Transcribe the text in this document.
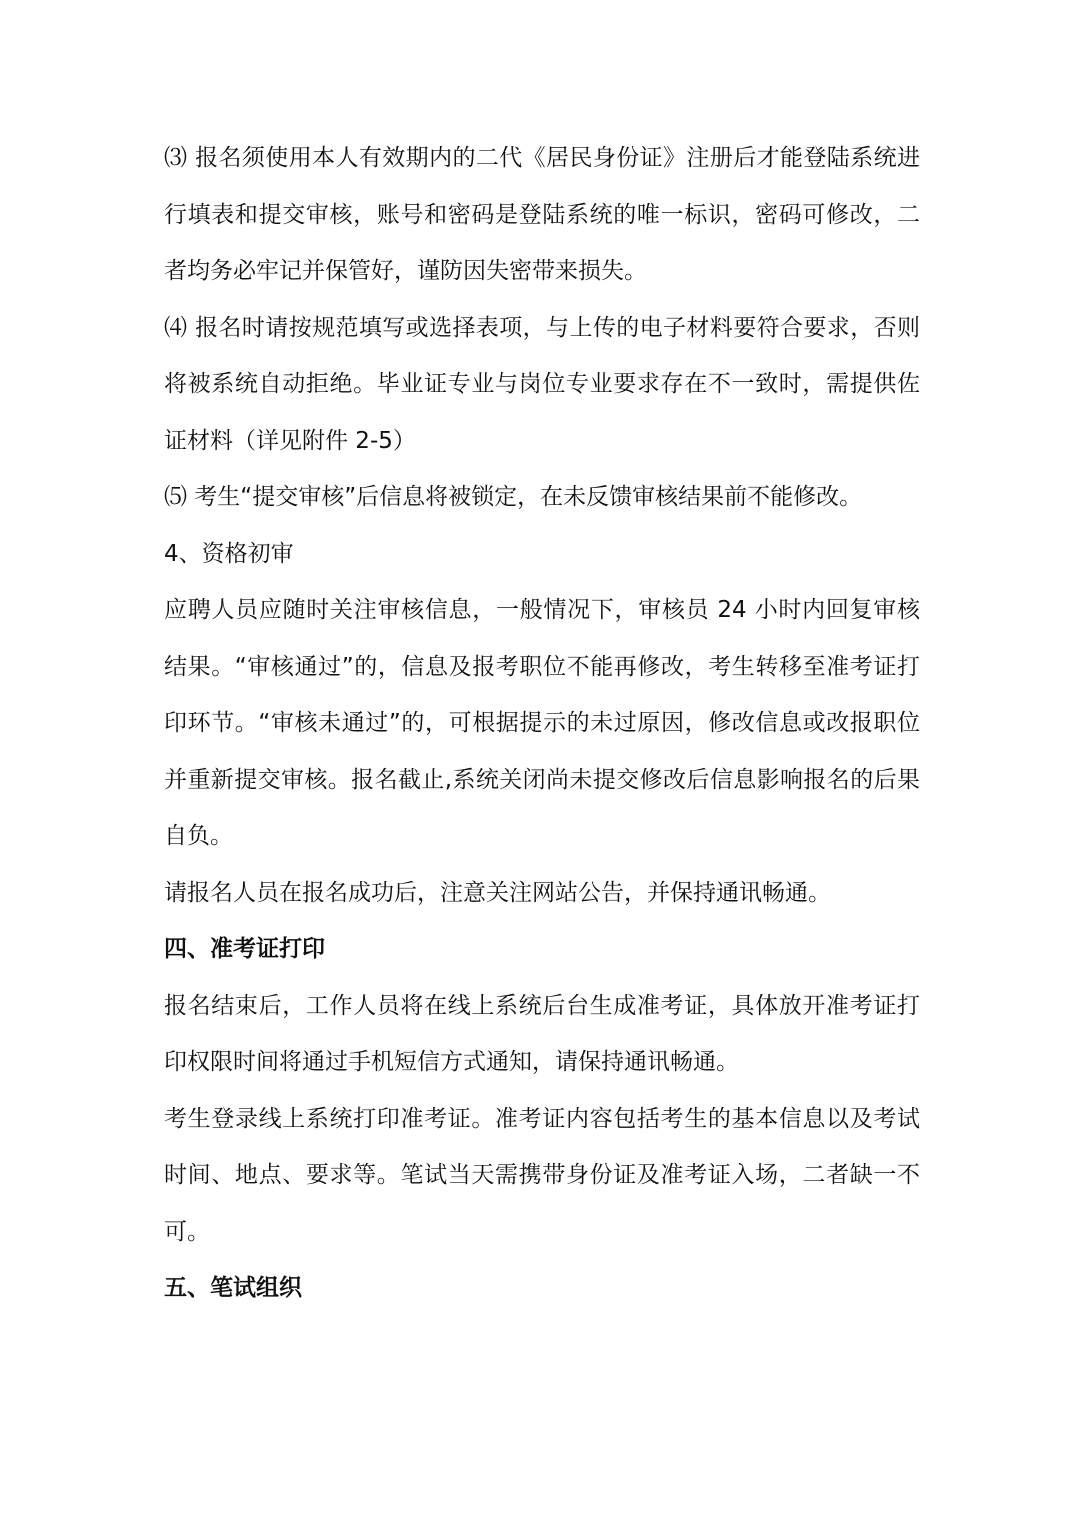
⑶ 报名须使用本人有效期内的二代《居民身份证》注册后才能登陆系统进行填表和提交审核，账号和密码是登陆系统的唯一标识，密码可修改，二者均务必牢记并保管好，谨防因失密带来损失。

⑷ 报名时请按规范填写或选择表项，与上传的电子材料要符合要求，否则将被系统自动拒绝。毕业证专业与岗位专业要求存在不一致时，需提供佐证材料（详见附件 2-5）

⑸ 考生“提交审核”后信息将被锁定，在未反馈审核结果前不能修改。

4、资格初审

应聘人员应随时关注审核信息，一般情况下，审核员 24 小时内回复审核结果。“审核通过”的，信息及报考职位不能再修改，考生转移至准考证打印环节。“审核未通过”的，可根据提示的未过原因，修改信息或改报职位并重新提交审核。报名截止,系统关闭尚未提交修改后信息影响报名的后果自负。

请报名人员在报名成功后，注意关注网站公告，并保持通讯畅通。

四、准考证打印

报名结束后，工作人员将在线上系统后台生成准考证，具体放开准考证打印权限时间将通过手机短信方式通知，请保持通讯畅通。

考生登录线上系统打印准考证。准考证内容包括考生的基本信息以及考试时间、地点、要求等。笔试当天需携带身份证及准考证入场，二者缺一不可。

五、笔试组织
